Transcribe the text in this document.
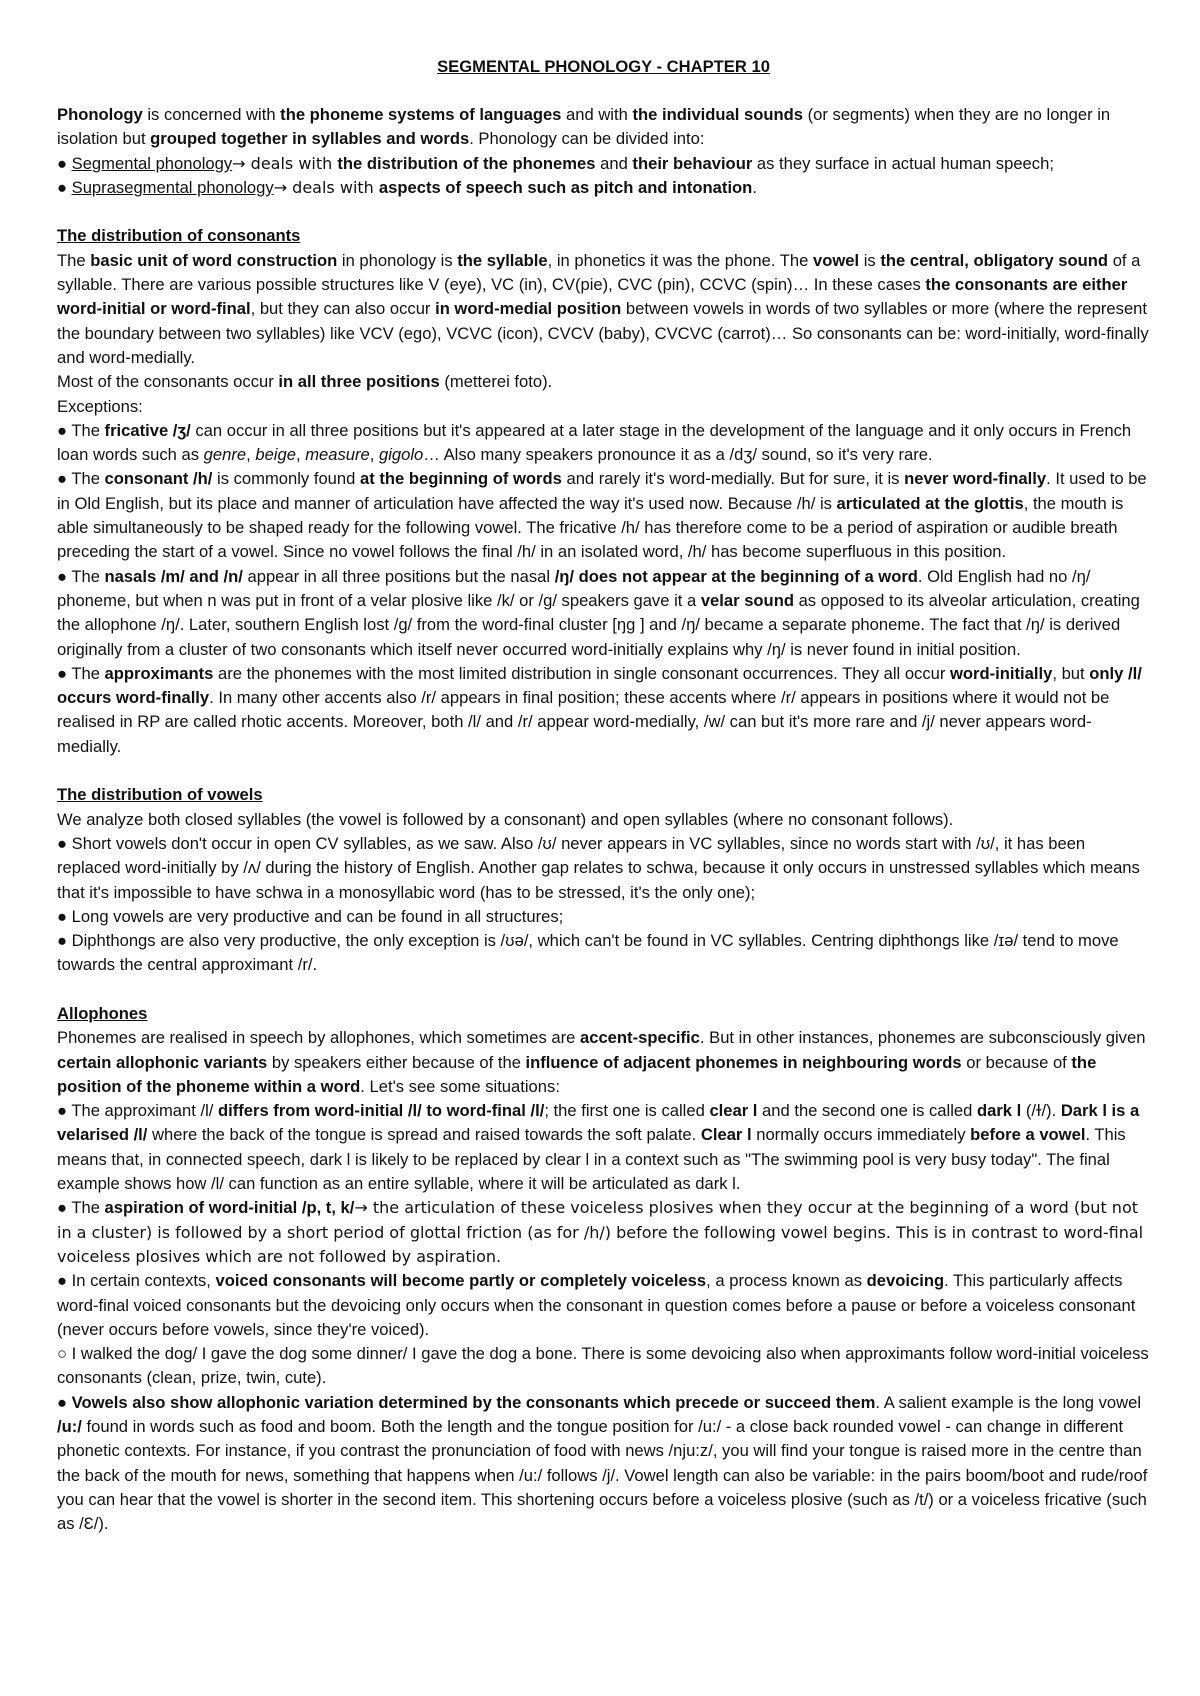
SEGMENTAL PHONOLOGY - CHAPTER 10

Phonology is concerned with the phoneme systems of languages and with the individual sounds (or segments) when they are no longer in isolation but grouped together in syllables and words. Phonology can be divided into:

● Segmental phonology→ deals with the distribution of the phonemes and their behaviour as they surface in actual human speech;

● Suprasegmental phonology→ deals with aspects of speech such as pitch and intonation.

The distribution of consonants

The basic unit of word construction in phonology is the syllable, in phonetics it was the phone. The vowel is the central, obligatory sound of a syllable. There are various possible structures like V (eye), VC (in), CV(pie), CVC (pin), CCVC (spin)… In these cases the consonants are either word-initial or word-final, but they can also occur in word-medial position between vowels in words of two syllables or more (where the represent the boundary between two syllables) like VCV (ego), VCVC (icon), CVCV (baby), CVCVC (carrot)… So consonants can be: word-initially, word-finally and word-medially.

Most of the consonants occur in all three positions (metterei foto).

Exceptions:

● The fricative /ʒ/ can occur in all three positions but it's appeared at a later stage in the development of the language and it only occurs in French loan words such as genre, beige, measure, gigolo… Also many speakers pronounce it as a /dʒ/ sound, so it's very rare.

● The consonant /h/ is commonly found at the beginning of words and rarely it's word-medially. But for sure, it is never word-finally. It used to be in Old English, but its place and manner of articulation have affected the way it's used now. Because /h/ is articulated at the glottis, the mouth is able simultaneously to be shaped ready for the following vowel. The fricative /h/ has therefore come to be a period of aspiration or audible breath preceding the start of a vowel. Since no vowel follows the final /h/ in an isolated word, /h/ has become superfluous in this position.

● The nasals /m/ and /n/ appear in all three positions but the nasal /ŋ/ does not appear at the beginning of a word. Old English had no /ŋ/ phoneme, but when n was put in front of a velar plosive like /k/ or /g/ speakers gave it a velar sound as opposed to its alveolar articulation, creating the allophone /ŋ/. Later, southern English lost /g/ from the word-final cluster [ŋg ] and /ŋ/ became a separate phoneme. The fact that /ŋ/ is derived originally from a cluster of two consonants which itself never occurred word-initially explains why /ŋ/ is never found in initial position.

● The approximants are the phonemes with the most limited distribution in single consonant occurrences. They all occur word-initially, but only /l/ occurs word-finally. In many other accents also /r/ appears in final position; these accents where /r/ appears in positions where it would not be realised in RP are called rhotic accents. Moreover, both /l/ and /r/ appear word-medially, /w/ can but it's more rare and /j/ never appears word-medially.

The distribution of vowels

We analyze both closed syllables (the vowel is followed by a consonant) and open syllables (where no consonant follows).

● Short vowels don't occur in open CV syllables, as we saw. Also /ʊ/ never appears in VC syllables, since no words start with /ʊ/, it has been replaced word-initially by /ʌ/ during the history of English. Another gap relates to schwa, because it only occurs in unstressed syllables which means that it's impossible to have schwa in a monosyllabic word (has to be stressed, it's the only one);

● Long vowels are very productive and can be found in all structures;

● Diphthongs are also very productive, the only exception is /ʊə/, which can't be found in VC syllables. Centring diphthongs like /ɪə/ tend to move towards the central approximant /r/.

Allophones

Phonemes are realised in speech by allophones, which sometimes are accent-specific. But in other instances, phonemes are subconsciously given certain allophonic variants by speakers either because of the influence of adjacent phonemes in neighbouring words or because of the position of the phoneme within a word. Let's see some situations:

● The approximant /l/ differs from word-initial /l/ to word-final /l/; the first one is called clear l and the second one is called dark l (/ɫ/). Dark l is a velarised /l/ where the back of the tongue is spread and raised towards the soft palate. Clear l normally occurs immediately before a vowel. This means that, in connected speech, dark l is likely to be replaced by clear l in a context such as "The swimming pool is very busy today". The final example shows how /l/ can function as an entire syllable, where it will be articulated as dark l.

● The aspiration of word-initial /p, t, k/→ the articulation of these voiceless plosives when they occur at the beginning of a word (but not in a cluster) is followed by a short period of glottal friction (as for /h/) before the following vowel begins. This is in contrast to word-final voiceless plosives which are not followed by aspiration.

● In certain contexts, voiced consonants will become partly or completely voiceless, a process known as devoicing. This particularly affects word-final voiced consonants but the devoicing only occurs when the consonant in question comes before a pause or before a voiceless consonant (never occurs before vowels, since they're voiced).

○ I walked the dog/ I gave the dog some dinner/ I gave the dog a bone. There is some devoicing also when approximants follow word-initial voiceless consonants (clean, prize, twin, cute).

● Vowels also show allophonic variation determined by the consonants which precede or succeed them. A salient example is the long vowel /u:/ found in words such as food and boom. Both the length and the tongue position for /u:/ - a close back rounded vowel - can change in different phonetic contexts. For instance, if you contrast the pronunciation of food with news /nju:z/, you will find your tongue is raised more in the centre than the back of the mouth for news, something that happens when /u:/ follows /j/. Vowel length can also be variable: in the pairs boom/boot and rude/roof you can hear that the vowel is shorter in the second item. This shortening occurs before a voiceless plosive (such as /t/) or a voiceless fricative (such as /Ɛ/).
